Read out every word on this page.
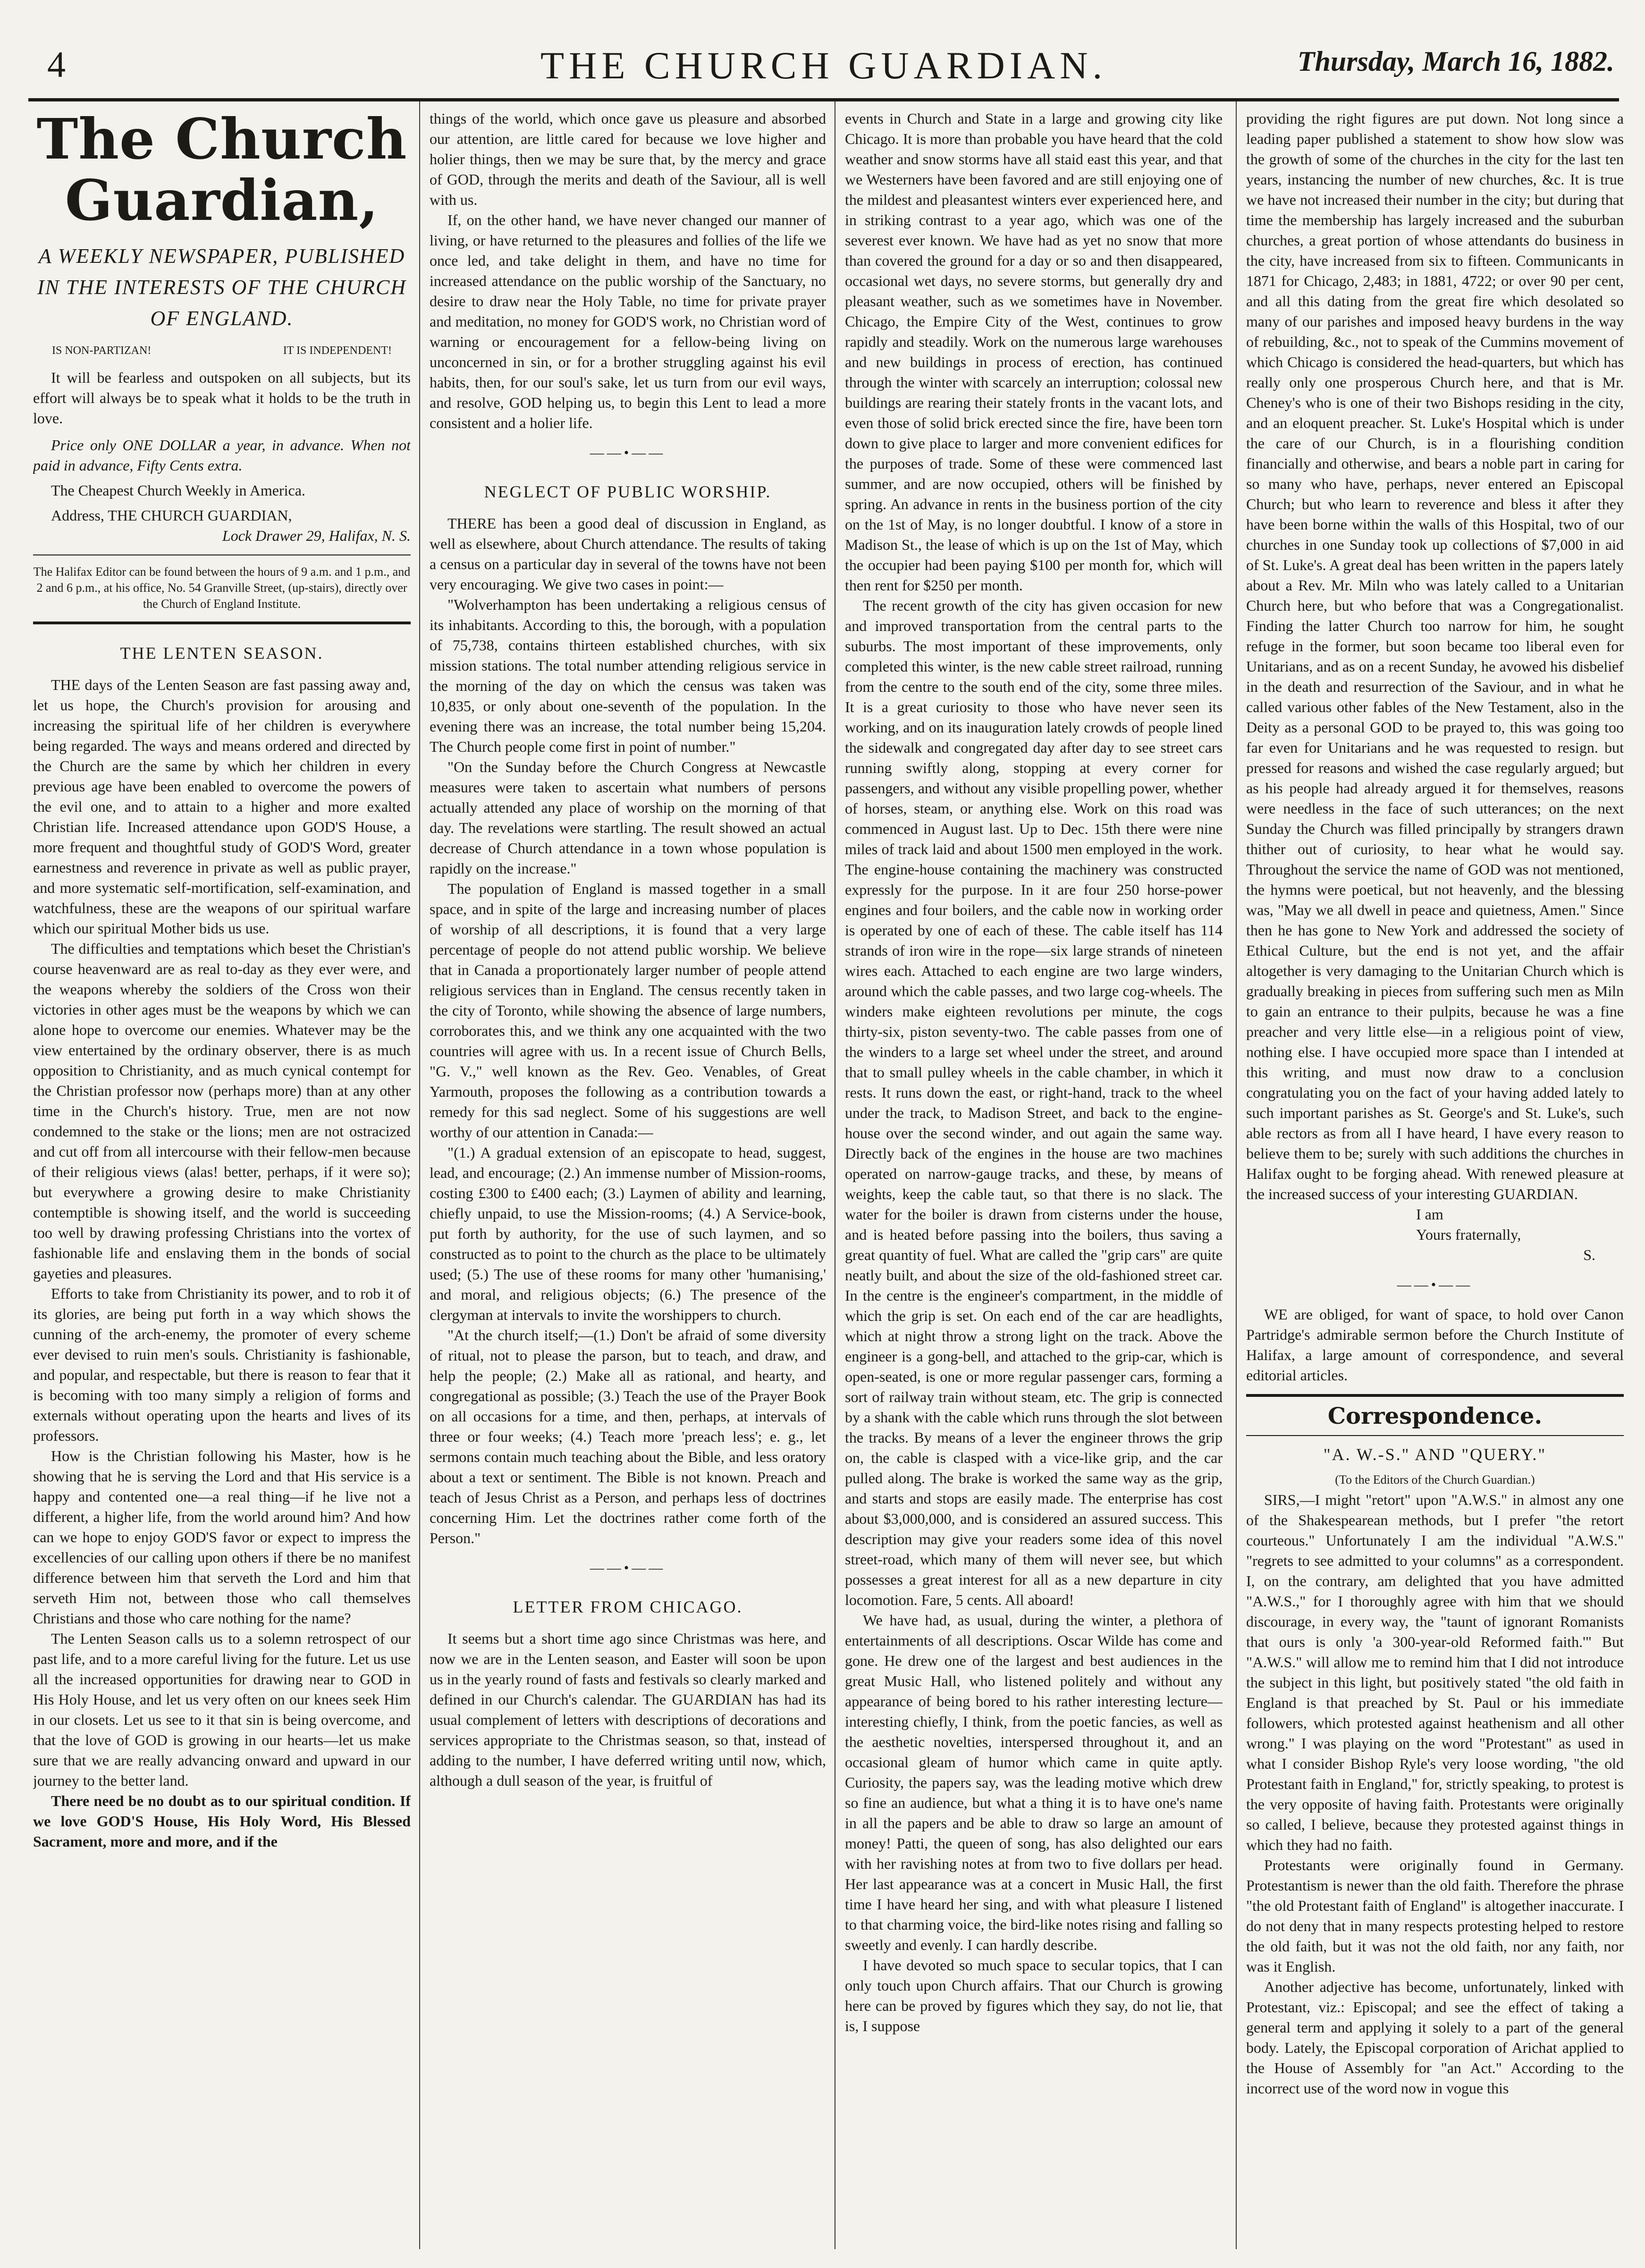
4	THE CHURCH GUARDIAN.	Thursday, March 16, 1882.
The Church Guardian,

A WEEKLY NEWSPAPER, PUBLISHED IN THE INTERESTS OF THE CHURCH OF ENGLAND.

IS NON-PARTIZAN!	IT IS INDEPENDENT!

It will be fearless and outspoken on all subjects, but its effort will always be to speak what it holds to be the truth in love.

Price only ONE DOLLAR a year, in advance. When not paid in advance, Fifty Cents extra.

The Cheapest Church Weekly in America.

Address, THE CHURCH GUARDIAN,

Lock Drawer 29, Halifax, N. S.
The Halifax Editor can be found between the hours of 9 a.m. and 1 p.m., and 2 and 6 p.m., at his office, No. 54 Granville Street, (up-stairs), directly over the Church of England Institute.
THE LENTEN SEASON.

THE days of the Lenten Season are fast passing away and, let us hope, the Church's provision for arousing and increasing the spiritual life of her children is everywhere being regarded. The ways and means ordered and directed by the Church are the same by which her children in every previous age have been enabled to overcome the powers of the evil one, and to attain to a higher and more exalted Christian life. Increased attendance upon GOD'S House, a more frequent and thoughtful study of GOD'S Word, greater earnestness and reverence in private as well as public prayer, and more systematic self-mortification, self-examination, and watchfulness, these are the weapons of our spiritual warfare which our spiritual Mother bids us use.

The difficulties and temptations which beset the Christian's course heavenward are as real to-day as they ever were, and the weapons whereby the soldiers of the Cross won their victories in other ages must be the weapons by which we can alone hope to overcome our enemies. Whatever may be the view entertained by the ordinary observer, there is as much opposition to Christianity, and as much cynical contempt for the Christian professor now (perhaps more) than at any other time in the Church's history. True, men are not now condemned to the stake or the lions; men are not ostracized and cut off from all intercourse with their fellow-men because of their religious views (alas! better, perhaps, if it were so); but everywhere a growing desire to make Christianity contemptible is showing itself, and the world is succeeding too well by drawing professing Christians into the vortex of fashionable life and enslaving them in the bonds of social gayeties and pleasures.

Efforts to take from Christianity its power, and to rob it of its glories, are being put forth in a way which shows the cunning of the arch-enemy, the promoter of every scheme ever devised to ruin men's souls. Christianity is fashionable, and popular, and respectable, but there is reason to fear that it is becoming with too many simply a religion of forms and externals without operating upon the hearts and lives of its professors.

How is the Christian following his Master, how is he showing that he is serving the Lord and that His service is a happy and contented one—a real thing—if he live not a different, a higher life, from the world around him? And how can we hope to enjoy GOD'S favor or expect to impress the excellencies of our calling upon others if there be no manifest difference between him that serveth the Lord and him that serveth Him not, between those who call themselves Christians and those who care nothing for the name?

The Lenten Season calls us to a solemn retrospect of our past life, and to a more careful living for the future. Let us use all the increased opportunities for drawing near to GOD in His Holy House, and let us very often on our knees seek Him in our closets. Let us see to it that sin is being overcome, and that the love of GOD is growing in our hearts—let us make sure that we are really advancing onward and upward in our journey to the better land.

There need be no doubt as to our spiritual condition. If we love GOD'S House, His Holy Word, His Blessed Sacrament, more and more, and if the

things of the world, which once gave us pleasure and absorbed our attention, are little cared for because we love higher and holier things, then we may be sure that, by the mercy and grace of GOD, through the merits and death of the Saviour, all is well with us.

If, on the other hand, we have never changed our manner of living, or have returned to the pleasures and follies of the life we once led, and take delight in them, and have no time for increased attendance on the public worship of the Sanctuary, no desire to draw near the Holy Table, no time for private prayer and meditation, no money for GOD'S work, no Christian word of warning or encouragement for a fellow-being living on unconcerned in sin, or for a brother struggling against his evil habits, then, for our soul's sake, let us turn from our evil ways, and resolve, GOD helping us, to begin this Lent to lead a more consistent and a holier life.

——•——
NEGLECT OF PUBLIC WORSHIP.

THERE has been a good deal of discussion in England, as well as elsewhere, about Church attendance. The results of taking a census on a particular day in several of the towns have not been very encouraging. We give two cases in point:—

"Wolverhampton has been undertaking a religious census of its inhabitants. According to this, the borough, with a population of 75,738, contains thirteen established churches, with six mission stations. The total number attending religious service in the morning of the day on which the census was taken was 10,835, or only about one-seventh of the population. In the evening there was an increase, the total number being 15,204. The Church people come first in point of number."

"On the Sunday before the Church Congress at Newcastle measures were taken to ascertain what numbers of persons actually attended any place of worship on the morning of that day. The revelations were startling. The result showed an actual decrease of Church attendance in a town whose population is rapidly on the increase."

The population of England is massed together in a small space, and in spite of the large and increasing number of places of worship of all descriptions, it is found that a very large percentage of people do not attend public worship. We believe that in Canada a proportionately larger number of people attend religious services than in England. The census recently taken in the city of Toronto, while showing the absence of large numbers, corroborates this, and we think any one acquainted with the two countries will agree with us. In a recent issue of Church Bells, "G. V.," well known as the Rev. Geo. Venables, of Great Yarmouth, proposes the following as a contribution towards a remedy for this sad neglect. Some of his suggestions are well worthy of our attention in Canada:—

"(1.) A gradual extension of an episcopate to head, suggest, lead, and encourage; (2.) An immense number of Mission-rooms, costing £300 to £400 each; (3.) Laymen of ability and learning, chiefly unpaid, to use the Mission-rooms; (4.) A Service-book, put forth by authority, for the use of such laymen, and so constructed as to point to the church as the place to be ultimately used; (5.) The use of these rooms for many other 'humanising,' and moral, and religious objects; (6.) The presence of the clergyman at intervals to invite the worshippers to church.

"At the church itself;—(1.) Don't be afraid of some diversity of ritual, not to please the parson, but to teach, and draw, and help the people; (2.) Make all as rational, and hearty, and congregational as possible; (3.) Teach the use of the Prayer Book on all occasions for a time, and then, perhaps, at intervals of three or four weeks; (4.) Teach more 'preach less'; e. g., let sermons contain much teaching about the Bible, and less oratory about a text or sentiment. The Bible is not known. Preach and teach of Jesus Christ as a Person, and perhaps less of doctrines concerning Him. Let the doctrines rather come forth of the Person."

——•——
LETTER FROM CHICAGO.

It seems but a short time ago since Christmas was here, and now we are in the Lenten season, and Easter will soon be upon us in the yearly round of fasts and festivals so clearly marked and defined in our Church's calendar. The GUARDIAN has had its usual complement of letters with descriptions of decorations and services appropriate to the Christmas season, so that, instead of adding to the number, I have deferred writing until now, which, although a dull season of the year, is fruitful of

events in Church and State in a large and growing city like Chicago. It is more than probable you have heard that the cold weather and snow storms have all staid east this year, and that we Westerners have been favored and are still enjoying one of the mildest and pleasantest winters ever experienced here, and in striking contrast to a year ago, which was one of the severest ever known. We have had as yet no snow that more than covered the ground for a day or so and then disappeared, occasional wet days, no severe storms, but generally dry and pleasant weather, such as we sometimes have in November. Chicago, the Empire City of the West, continues to grow rapidly and steadily. Work on the numerous large warehouses and new buildings in process of erection, has continued through the winter with scarcely an interruption; colossal new buildings are rearing their stately fronts in the vacant lots, and even those of solid brick erected since the fire, have been torn down to give place to larger and more convenient edifices for the purposes of trade. Some of these were commenced last summer, and are now occupied, others will be finished by spring. An advance in rents in the business portion of the city on the 1st of May, is no longer doubtful. I know of a store in Madison St., the lease of which is up on the 1st of May, which the occupier had been paying $100 per month for, which will then rent for $250 per month.

The recent growth of the city has given occasion for new and improved transportation from the central parts to the suburbs. The most important of these improvements, only completed this winter, is the new cable street railroad, running from the centre to the south end of the city, some three miles. It is a great curiosity to those who have never seen its working, and on its inauguration lately crowds of people lined the sidewalk and congregated day after day to see street cars running swiftly along, stopping at every corner for passengers, and without any visible propelling power, whether of horses, steam, or anything else. Work on this road was commenced in August last. Up to Dec. 15th there were nine miles of track laid and about 1500 men employed in the work. The engine-house containing the machinery was constructed expressly for the purpose. In it are four 250 horse-power engines and four boilers, and the cable now in working order is operated by one of each of these. The cable itself has 114 strands of iron wire in the rope—six large strands of nineteen wires each. Attached to each engine are two large winders, around which the cable passes, and two large cog-wheels. The winders make eighteen revolutions per minute, the cogs thirty-six, piston seventy-two. The cable passes from one of the winders to a large set wheel under the street, and around that to small pulley wheels in the cable chamber, in which it rests. It runs down the east, or right-hand, track to the wheel under the track, to Madison Street, and back to the engine-house over the second winder, and out again the same way. Directly back of the engines in the house are two machines operated on narrow-gauge tracks, and these, by means of weights, keep the cable taut, so that there is no slack. The water for the boiler is drawn from cisterns under the house, and is heated before passing into the boilers, thus saving a great quantity of fuel. What are called the "grip cars" are quite neatly built, and about the size of the old-fashioned street car. In the centre is the engineer's compartment, in the middle of which the grip is set. On each end of the car are headlights, which at night throw a strong light on the track. Above the engineer is a gong-bell, and attached to the grip-car, which is open-seated, is one or more regular passenger cars, forming a sort of railway train without steam, etc. The grip is connected by a shank with the cable which runs through the slot between the tracks. By means of a lever the engineer throws the grip on, the cable is clasped with a vice-like grip, and the car pulled along. The brake is worked the same way as the grip, and starts and stops are easily made. The enterprise has cost about $3,000,000, and is considered an assured success. This description may give your readers some idea of this novel street-road, which many of them will never see, but which possesses a great interest for all as a new departure in city locomotion. Fare, 5 cents. All aboard!

We have had, as usual, during the winter, a plethora of entertainments of all descriptions. Oscar Wilde has come and gone. He drew one of the largest and best audiences in the great Music Hall, who listened politely and without any appearance of being bored to his rather interesting lecture—interesting chiefly, I think, from the poetic fancies, as well as the aesthetic novelties, interspersed throughout it, and an occasional gleam of humor which came in quite aptly. Curiosity, the papers say, was the leading motive which drew so fine an audience, but what a thing it is to have one's name in all the papers and be able to draw so large an amount of money! Patti, the queen of song, has also delighted our ears with her ravishing notes at from two to five dollars per head. Her last appearance was at a concert in Music Hall, the first time I have heard her sing, and with what pleasure I listened to that charming voice, the bird-like notes rising and falling so sweetly and evenly. I can hardly describe.

I have devoted so much space to secular topics, that I can only touch upon Church affairs. That our Church is growing here can be proved by figures which they say, do not lie, that is, I suppose

providing the right figures are put down. Not long since a leading paper published a statement to show how slow was the growth of some of the churches in the city for the last ten years, instancing the number of new churches, &c. It is true we have not increased their number in the city; but during that time the membership has largely increased and the suburban churches, a great portion of whose attendants do business in the city, have increased from six to fifteen. Communicants in 1871 for Chicago, 2,483; in 1881, 4722; or over 90 per cent, and all this dating from the great fire which desolated so many of our parishes and imposed heavy burdens in the way of rebuilding, &c., not to speak of the Cummins movement of which Chicago is considered the head-quarters, but which has really only one prosperous Church here, and that is Mr. Cheney's who is one of their two Bishops residing in the city, and an eloquent preacher. St. Luke's Hospital which is under the care of our Church, is in a flourishing condition financially and otherwise, and bears a noble part in caring for so many who have, perhaps, never entered an Episcopal Church; but who learn to reverence and bless it after they have been borne within the walls of this Hospital, two of our churches in one Sunday took up collections of $7,000 in aid of St. Luke's. A great deal has been written in the papers lately about a Rev. Mr. Miln who was lately called to a Unitarian Church here, but who before that was a Congregationalist. Finding the latter Church too narrow for him, he sought refuge in the former, but soon became too liberal even for Unitarians, and as on a recent Sunday, he avowed his disbelief in the death and resurrection of the Saviour, and in what he called various other fables of the New Testament, also in the Deity as a personal GOD to be prayed to, this was going too far even for Unitarians and he was requested to resign. but pressed for reasons and wished the case regularly argued; but as his people had already argued it for themselves, reasons were needless in the face of such utterances; on the next Sunday the Church was filled principally by strangers drawn thither out of curiosity, to hear what he would say. Throughout the service the name of GOD was not mentioned, the hymns were poetical, but not heavenly, and the blessing was, "May we all dwell in peace and quietness, Amen." Since then he has gone to New York and addressed the society of Ethical Culture, but the end is not yet, and the affair altogether is very damaging to the Unitarian Church which is gradually breaking in pieces from suffering such men as Miln to gain an entrance to their pulpits, because he was a fine preacher and very little else—in a religious point of view, nothing else. I have occupied more space than I intended at this writing, and must now draw to a conclusion congratulating you on the fact of your having added lately to such important parishes as St. George's and St. Luke's, such able rectors as from all I have heard, I have every reason to believe them to be; surely with such additions the churches in Halifax ought to be forging ahead. With renewed pleasure at the increased success of your interesting GUARDIAN.

I am
Yours fraternally,
S.
——•——

WE are obliged, for want of space, to hold over Canon Partridge's admirable sermon before the Church Institute of Halifax, a large amount of correspondence, and several editorial articles.

Correspondence.
"A. W.-S." AND "QUERY."
(To the Editors of the Church Guardian.)

SIRS,—I might "retort" upon "A.W.S." in almost any one of the Shakespearean methods, but I prefer "the retort courteous." Unfortunately I am the individual "A.W.S." "regrets to see admitted to your columns" as a correspondent. I, on the contrary, am delighted that you have admitted "A.W.S.," for I thoroughly agree with him that we should discourage, in every way, the "taunt of ignorant Romanists that ours is only 'a 300-year-old Reformed faith.'" But "A.W.S." will allow me to remind him that I did not introduce the subject in this light, but positively stated "the old faith in England is that preached by St. Paul or his immediate followers, which protested against heathenism and all other wrong." I was playing on the word "Protestant" as used in what I consider Bishop Ryle's very loose wording, "the old Protestant faith in England," for, strictly speaking, to protest is the very opposite of having faith. Protestants were originally so called, I believe, because they protested against things in which they had no faith.

Protestants were originally found in Germany. Protestantism is newer than the old faith. Therefore the phrase "the old Protestant faith of England" is altogether inaccurate. I do not deny that in many respects protesting helped to restore the old faith, but it was not the old faith, nor any faith, nor was it English.

Another adjective has become, unfortunately, linked with Protestant, viz.: Episcopal; and see the effect of taking a general term and applying it solely to a part of the general body. Lately, the Episcopal corporation of Arichat applied to the House of Assembly for "an Act." According to the incorrect use of the word now in vogue this
